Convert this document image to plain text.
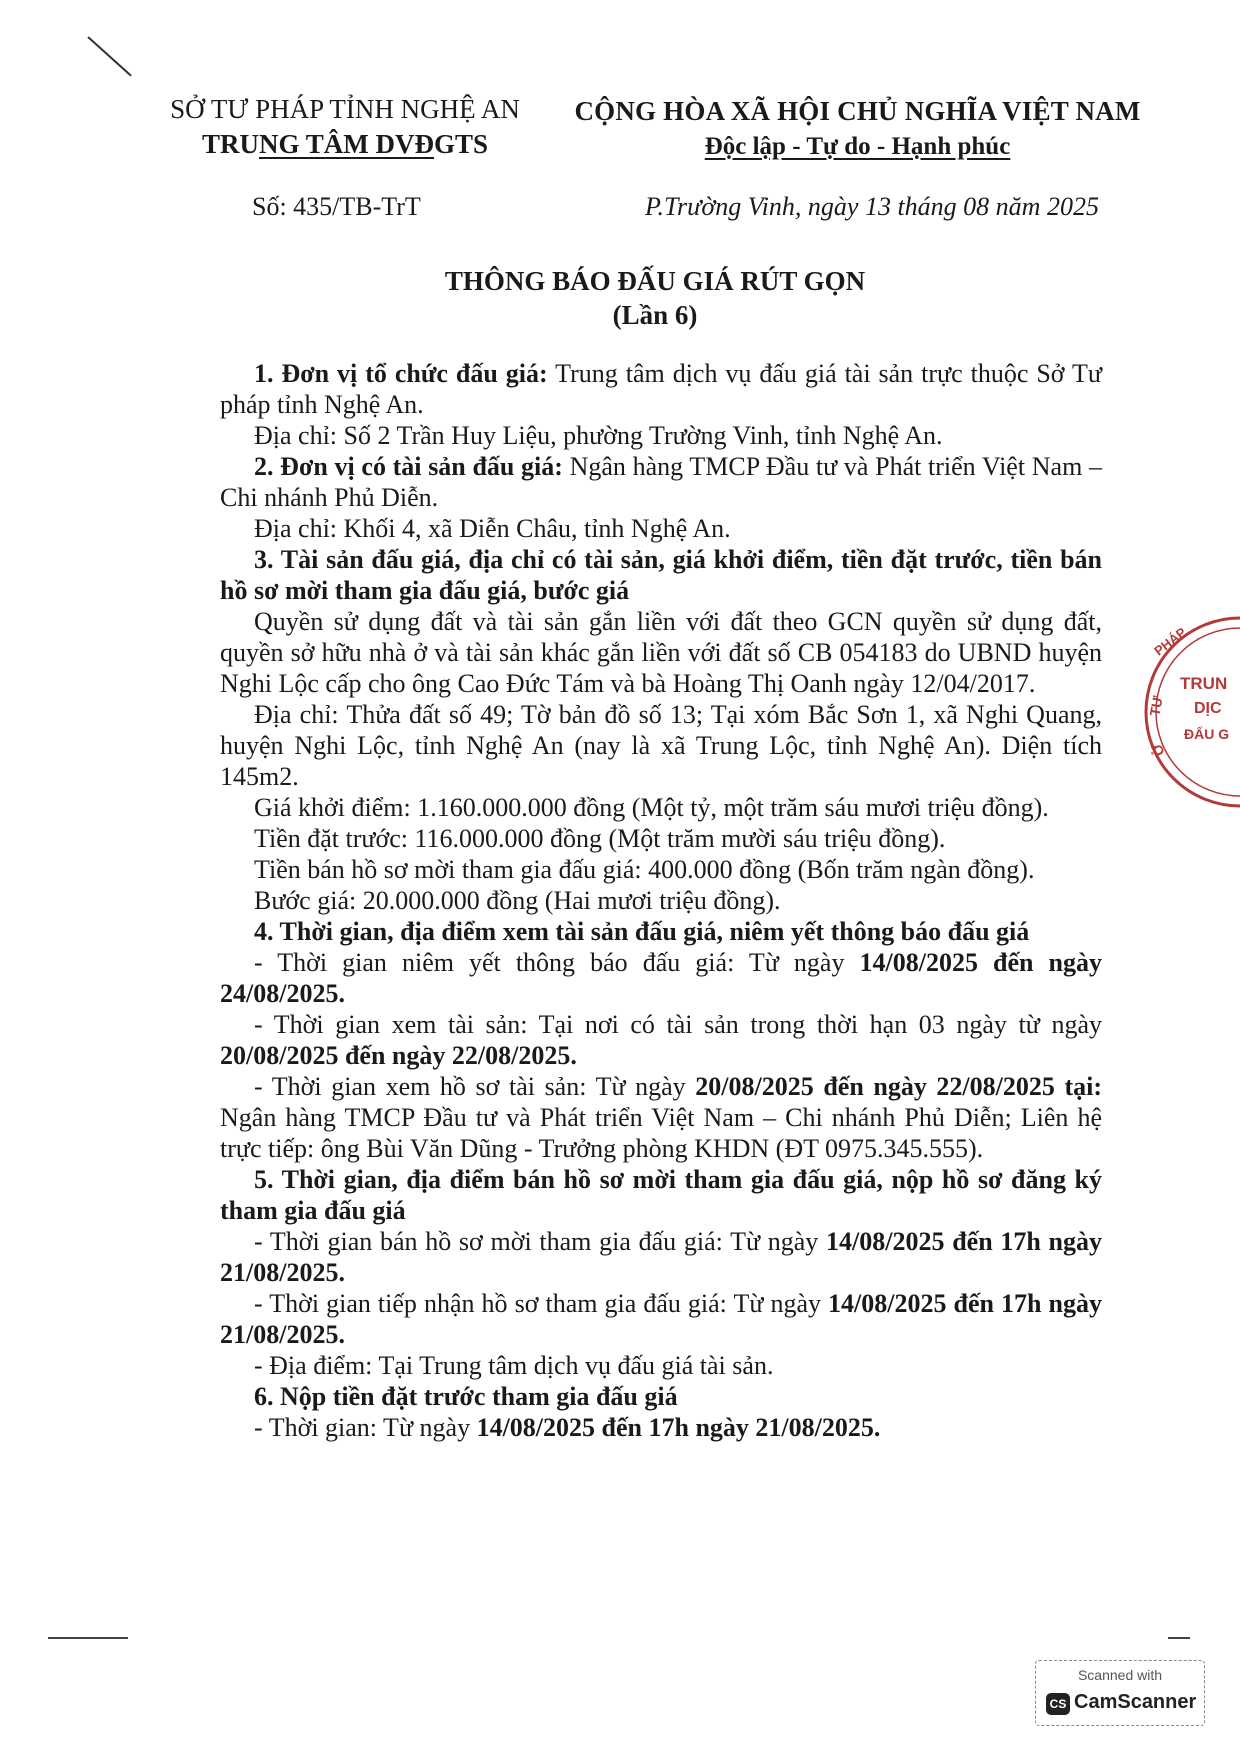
SỞ TƯ PHÁP TỈNH NGHỆ AN
TRUNG TÂM DVĐGTS
CỘNG HÒA XÃ HỘI CHỦ NGHĨA VIỆT NAM
Độc lập - Tự do - Hạnh phúc
Số: 435/TB-TrT	P.Trường Vinh, ngày 13 tháng 08 năm 2025
THÔNG BÁO ĐẤU GIÁ RÚT GỌN
(Lần 6)

1. Đơn vị tổ chức đấu giá: Trung tâm dịch vụ đấu giá tài sản trực thuộc Sở Tư pháp tỉnh Nghệ An.

Địa chỉ: Số 2 Trần Huy Liệu, phường Trường Vinh, tỉnh Nghệ An.

2. Đơn vị có tài sản đấu giá: Ngân hàng TMCP Đầu tư và Phát triển Việt Nam – Chi nhánh Phủ Diễn.

Địa chỉ: Khối 4, xã Diễn Châu, tỉnh Nghệ An.

3. Tài sản đấu giá, địa chỉ có tài sản, giá khởi điểm, tiền đặt trước, tiền bán hồ sơ mời tham gia đấu giá, bước giá

Quyền sử dụng đất và tài sản gắn liền với đất theo GCN quyền sử dụng đất, quyền sở hữu nhà ở và tài sản khác gắn liền với đất số CB 054183 do UBND huyện Nghi Lộc cấp cho ông Cao Đức Tám và bà Hoàng Thị Oanh ngày 12/04/2017.

Địa chỉ: Thửa đất số 49; Tờ bản đồ số 13; Tại xóm Bắc Sơn 1, xã Nghi Quang, huyện Nghi Lộc, tỉnh Nghệ An (nay là xã Trung Lộc, tỉnh Nghệ An). Diện tích 145m2.

Giá khởi điểm: 1.160.000.000 đồng (Một tỷ, một trăm sáu mươi triệu đồng).

Tiền đặt trước: 116.000.000 đồng (Một trăm mười sáu triệu đồng).

Tiền bán hồ sơ mời tham gia đấu giá: 400.000 đồng (Bốn trăm ngàn đồng).

Bước giá: 20.000.000 đồng (Hai mươi triệu đồng).

4. Thời gian, địa điểm xem tài sản đấu giá, niêm yết thông báo đấu giá

- Thời gian niêm yết thông báo đấu giá: Từ ngày 14/08/2025 đến ngày 24/08/2025.

- Thời gian xem tài sản: Tại nơi có tài sản trong thời hạn 03 ngày từ ngày 20/08/2025 đến ngày 22/08/2025.

- Thời gian xem hồ sơ tài sản: Từ ngày 20/08/2025 đến ngày 22/08/2025 tại: Ngân hàng TMCP Đầu tư và Phát triển Việt Nam – Chi nhánh Phủ Diễn; Liên hệ trực tiếp: ông Bùi Văn Dũng - Trưởng phòng KHDN (ĐT 0975.345.555).

5. Thời gian, địa điểm bán hồ sơ mời tham gia đấu giá, nộp hồ sơ đăng ký tham gia đấu giá

- Thời gian bán hồ sơ mời tham gia đấu giá: Từ ngày 14/08/2025 đến 17h ngày 21/08/2025.

- Thời gian tiếp nhận hồ sơ tham gia đấu giá: Từ ngày 14/08/2025 đến 17h ngày 21/08/2025.

- Địa điểm: Tại Trung tâm dịch vụ đấu giá tài sản.

6. Nộp tiền đặt trước tham gia đấu giá

- Thời gian: Từ ngày 14/08/2025 đến 17h ngày 21/08/2025.

PHÁP
TRUN
DỊC
ĐẤU G
TƯ
Ở
Scanned with
CS CamScanner
